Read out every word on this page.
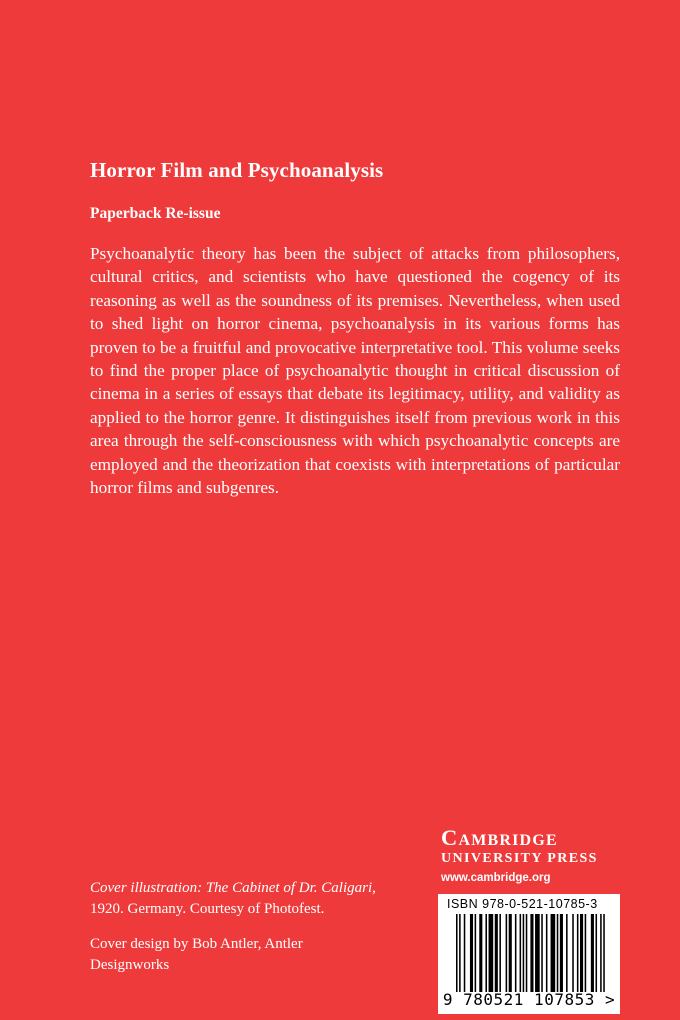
Horror Film and Psychoanalysis
Paperback Re-issue

Psychoanalytic theory has been the subject of attacks from philosophers, cultural critics, and scientists who have questioned the cogency of its reasoning as well as the soundness of its premises. Nevertheless, when used to shed light on horror cinema, psychoanalysis in its various forms has proven to be a fruitful and provocative interpretative tool. This volume seeks to find the proper place of psychoanalytic thought in critical discussion of cinema in a series of essays that debate its legitimacy, utility, and validity as applied to the horror genre. It distinguishes itself from previous work in this area through the self-consciousness with which psychoanalytic concepts are employed and the theorization that coexists with interpretations of particular horror films and subgenres.

Cover illustration: The Cabinet of Dr. Caligari,
1920. Germany. Courtesy of Photofest.
Cover design by Bob Antler, Antler
Designworks
Cambridge
UNIVERSITY PRESS
www.cambridge.org
ISBN 978-0-521-10785-3
9 780521 107853 >
